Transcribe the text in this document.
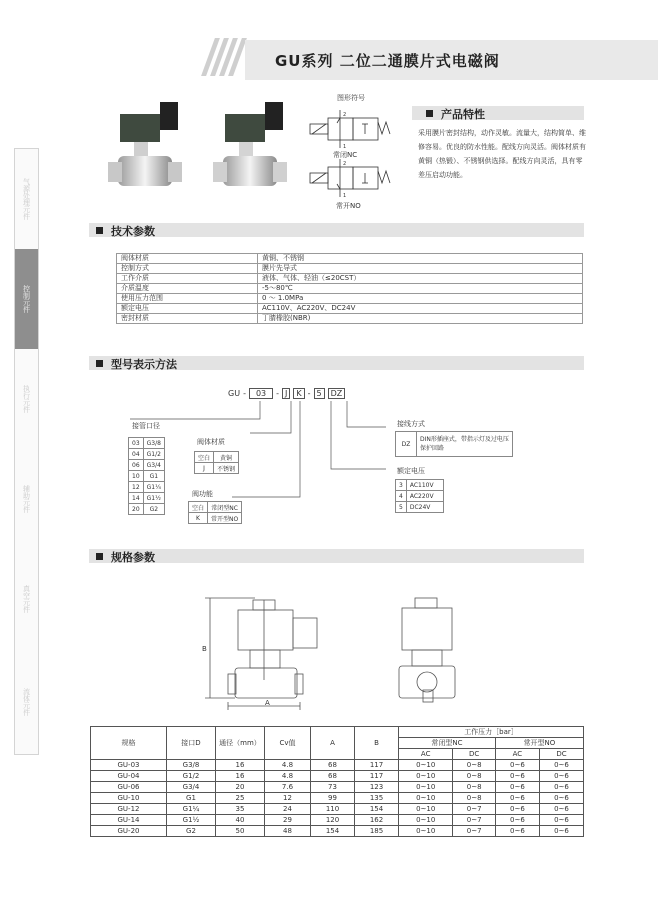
GU系列 二位二通膜片式电磁阀
气源处理元件
控制元件
执行元件
辅助元件
真空元件
流体元件
图形符号
2
1
2
1
常闭NC
常开NO
产品特性
采用膜片密封结构，动作灵敏。流量大，结构简单、维修容易。优良的防水性能。配线方向灵活。阀体材质有黄铜（热锻）、不锈钢供选择。配线方向灵活，具有零差压启动功能。
技术参数
阀体材质	黄铜、不锈钢
控制方式	膜片先导式
工作介质	液体、气体、轻油（≤20CST）
介质温度	-5～80℃
使用压力范围	0 ～ 1.0MPa
额定电压	AC110V、AC220V、DC24V
密封材质	丁腈橡胶(NBR)
型号表示方法
GU -	03	- J	K - 5	DZ
接管口径
03	G3/8
04	G1/2
06	G3/4
10	G1
12	G1¼
14	G1½
20	G2
阀体材质
空白	黄铜
J	不锈钢
阀功能
空白	常闭型NC
K	常开型NO
接线方式
DZ	DIN形插座式，带指示灯及过电压保护回路
额定电压
3	AC110V
4	AC220V
5	DC24V
规格参数
B
A
规格	接口D	通径（mm）	Cv值	A	B	工作压力［bar］			
						常闭型NC		常开型NO	
						AC	DC	AC	DC
GU-03	G3/8	16	4.8	68	117	0~10	0~8	0~6	0~6
GU-04	G1/2	16	4.8	68	117	0~10	0~8	0~6	0~6
GU-06	G3/4	20	7.6	73	123	0~10	0~8	0~6	0~6
GU-10	G1	25	12	99	135	0~10	0~8	0~6	0~6
GU-12	G1¼	35	24	110	154	0~10	0~7	0~6	0~6
GU-14	G1½	40	29	120	162	0~10	0~7	0~6	0~6
GU-20	G2	50	48	154	185	0~10	0~7	0~6	0~6
